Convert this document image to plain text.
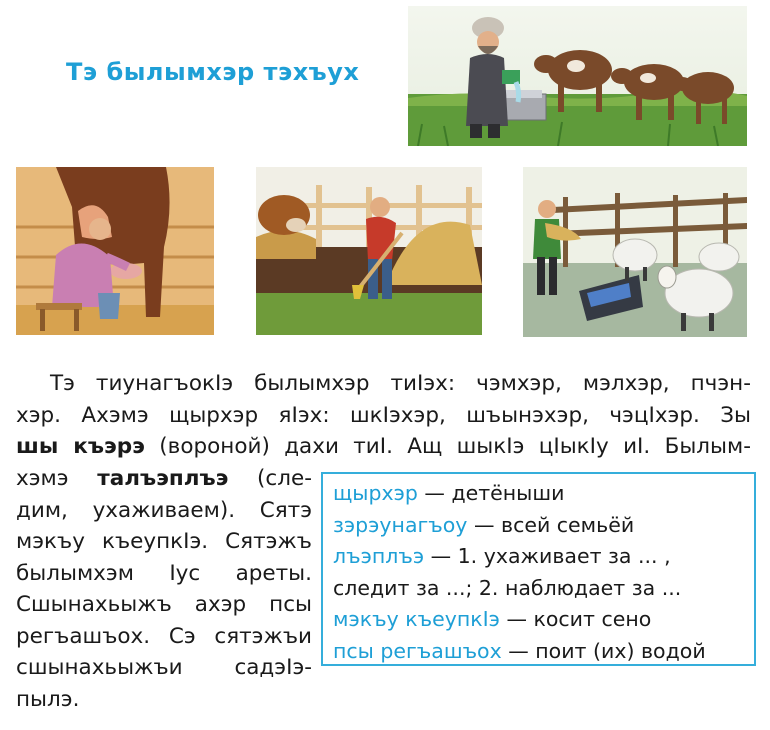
Тэ былымхэр тэхъух
Тэ тиунагъокIэ былымхэр тиIэх: чэмхэр, мэлхэр, пчэн-
хэр. Ахэмэ щырхэр яIэх: шкIэхэр, шъынэхэр, чэцIхэр. Зы
шы къэрэ (вороной) дахи тиI. Ащ шыкIэ цIыкIу иI. Былым-
хэмэ талъэплъэ (сле-
дим, ухаживаем). Сятэ
мэкъу къеупкIэ. Сятэжъ
былымхэм Iус ареты.
Сшынахьыжъ ахэр псы
регъашъох. Сэ сятэжъи
сшынахьыжъи садэIэ-
пылэ.
щырхэр — детёныши
зэрэунагъоу — всей семьёй
лъэплъэ — 1. ухаживает за ... ,
следит за ...; 2. наблюдает за ...
мэкъу къеупкIэ — косит сено
псы регъашъох — поит (их) водой
